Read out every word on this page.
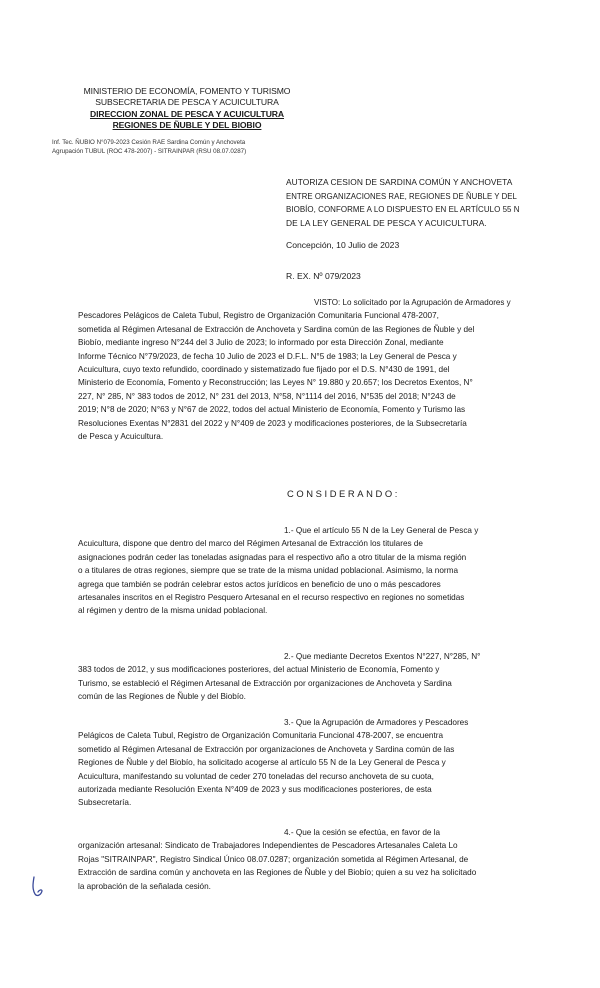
MINISTERIO DE ECONOMÍA, FOMENTO Y TURISMO
SUBSECRETARIA DE PESCA Y ACUICULTURA
DIRECCION ZONAL DE PESCA Y ACUICULTURA
REGIONES DE ÑUBLE Y DEL BIOBIO
Inf. Tec. ÑUBIO N°079-2023 Cesión RAE Sardina Común y Anchoveta
Agrupación TUBUL (ROC 478-2007) - SITRAINPAR (RSU 08.07.0287)
AUTORIZA CESION DE SARDINA COMÚN Y ANCHOVETA
ENTRE ORGANIZACIONES RAE, REGIONES DE ÑUBLE Y DEL
BIOBÍO, CONFORME A LO DISPUESTO EN EL ARTÍCULO 55 N
DE LA LEY GENERAL DE PESCA Y ACUICULTURA.
Concepción, 10 Julio de 2023
R. EX. Nº 079/2023
VISTO: Lo solicitado por la Agrupación de Armadores y
Pescadores Pelágicos de Caleta Tubul, Registro de Organización Comunitaria Funcional 478-2007,
sometida al Régimen Artesanal de Extracción de Anchoveta y Sardina común de las Regiones de Ñuble y del
Biobío, mediante ingreso N°244 del 3 Julio de 2023; lo informado por esta Dirección Zonal, mediante
Informe Técnico N°79/2023, de fecha 10 Julio de 2023 el D.F.L. N°5 de 1983; la Ley General de Pesca y
Acuicultura, cuyo texto refundido, coordinado y sistematizado fue fijado por el D.S. N°430 de 1991, del
Ministerio de Economía, Fomento y Reconstrucción; las Leyes N° 19.880 y 20.657; los Decretos Exentos, N°
227, N° 285, N° 383 todos de 2012, N° 231 del 2013, N°58, N°1114 del 2016, N°535 del 2018; N°243 de
2019; N°8 de 2020; N°63 y N°67 de 2022, todos del actual Ministerio de Economía, Fomento y Turismo las
Resoluciones Exentas N°2831 del 2022 y N°409 de 2023 y modificaciones posteriores, de la Subsecretaría
de Pesca y Acuicultura.
CONSIDERANDO:
1.- Que el artículo 55 N de la Ley General de Pesca y
Acuicultura, dispone que dentro del marco del Régimen Artesanal de Extracción los titulares de
asignaciones podrán ceder las toneladas asignadas para el respectivo año a otro titular de la misma región
o a titulares de otras regiones, siempre que se trate de la misma unidad poblacional. Asimismo, la norma
agrega que también se podrán celebrar estos actos jurídicos en beneficio de uno o más pescadores
artesanales inscritos en el Registro Pesquero Artesanal en el recurso respectivo en regiones no sometidas
al régimen y dentro de la misma unidad poblacional.
2.- Que mediante Decretos Exentos N°227, N°285, N°
383 todos de 2012, y sus modificaciones posteriores, del actual Ministerio de Economía, Fomento y
Turismo, se estableció el Régimen Artesanal de Extracción por organizaciones de Anchoveta y Sardina
común de las Regiones de Ñuble y del Biobío.
3.- Que la Agrupación de Armadores y Pescadores
Pelágicos de Caleta Tubul, Registro de Organización Comunitaria Funcional 478-2007, se encuentra
sometido al Régimen Artesanal de Extracción por organizaciones de Anchoveta y Sardina común de las
Regiones de Ñuble y del Biobío, ha solicitado acogerse al artículo 55 N de la Ley General de Pesca y
Acuicultura, manifestando su voluntad de ceder 270 toneladas del recurso anchoveta de su cuota,
autorizada mediante Resolución Exenta N°409 de 2023 y sus modificaciones posteriores, de esta
Subsecretaría.
4.- Que la cesión se efectúa, en favor de la
organización artesanal: Sindicato de Trabajadores Independientes de Pescadores Artesanales Caleta Lo
Rojas "SITRAINPAR", Registro Sindical Único 08.07.0287; organización sometida al Régimen Artesanal, de
Extracción de sardina común y anchoveta en las Regiones de Ñuble y del Biobío; quien a su vez ha solicitado
la aprobación de la señalada cesión.
